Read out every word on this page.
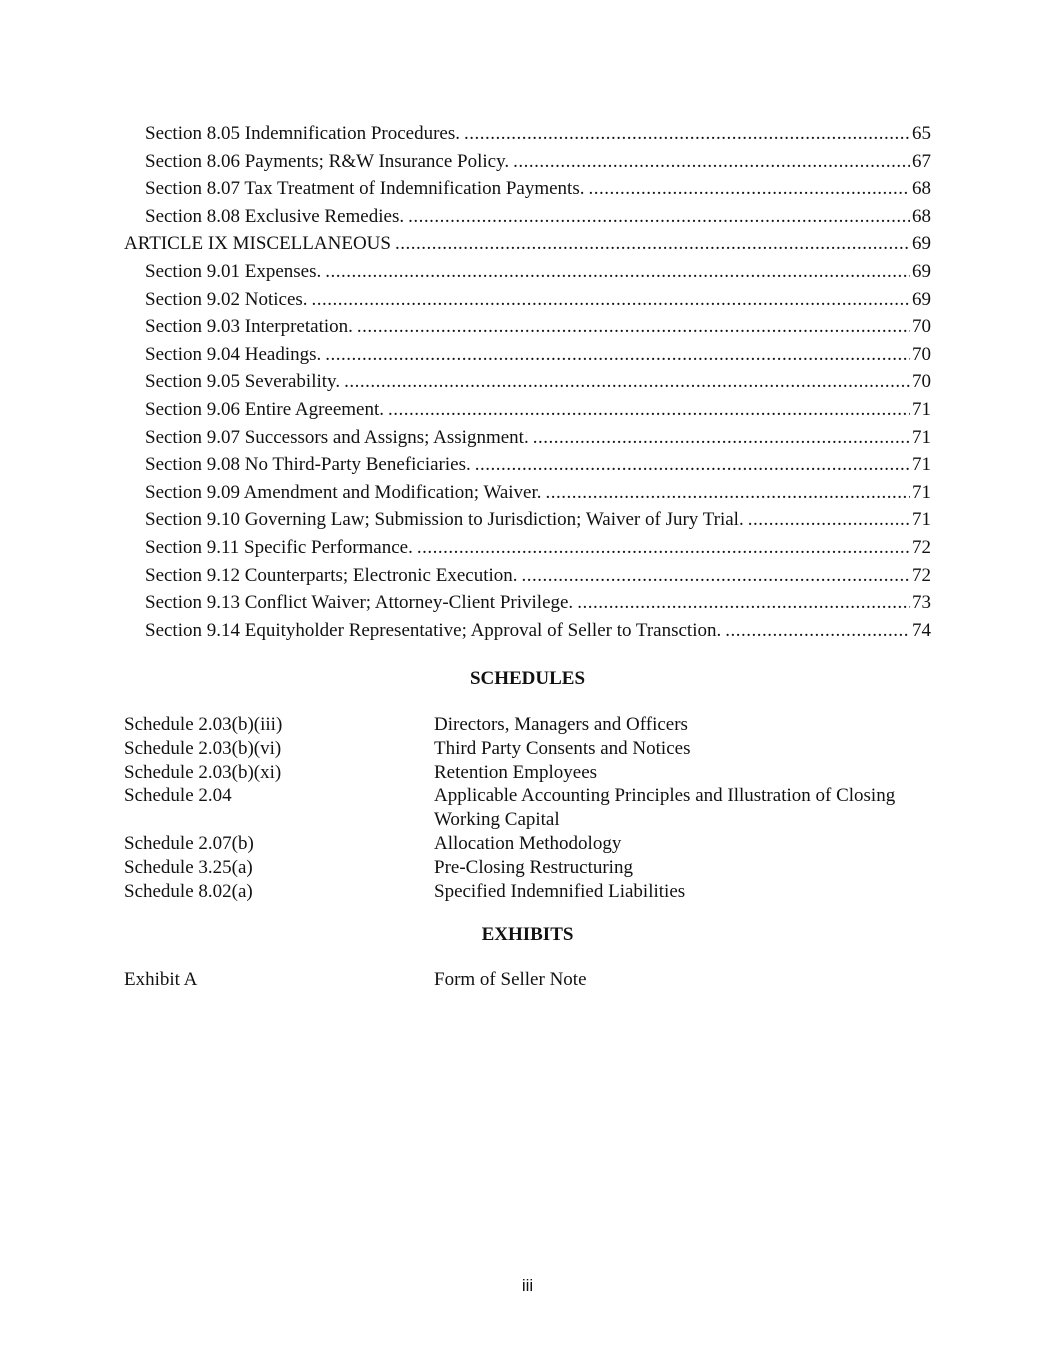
Section 8.05 Indemnification Procedures. .....	65
Section 8.06 Payments; R&W Insurance Policy. .....	67
Section 8.07 Tax Treatment of Indemnification Payments. .....	68
Section 8.08 Exclusive Remedies. .....	68
ARTICLE IX MISCELLANEOUS .....	69
Section 9.01 Expenses. .....	69
Section 9.02 Notices. .....	69
Section 9.03 Interpretation. .....	70
Section 9.04 Headings. .....	70
Section 9.05 Severability. .....	70
Section 9.06 Entire Agreement. .....	71
Section 9.07 Successors and Assigns; Assignment. .....	71
Section 9.08 No Third-Party Beneficiaries. .....	71
Section 9.09 Amendment and Modification; Waiver. .....	71
Section 9.10 Governing Law; Submission to Jurisdiction; Waiver of Jury Trial. .....	71
Section 9.11 Specific Performance. .....	72
Section 9.12 Counterparts; Electronic Execution. .....	72
Section 9.13 Conflict Waiver; Attorney-Client Privilege. .....	73
Section 9.14 Equityholder Representative; Approval of Seller to Transction. .....	74
SCHEDULES
Schedule 2.03(b)(iii)	Directors, Managers and Officers
Schedule 2.03(b)(vi)	Third Party Consents and Notices
Schedule 2.03(b)(xi)	Retention Employees
Schedule 2.04	Applicable Accounting Principles and Illustration of Closing Working Capital
Schedule 2.07(b)	Allocation Methodology
Schedule 3.25(a)	Pre-Closing Restructuring
Schedule 8.02(a)	Specified Indemnified Liabilities
EXHIBITS
Exhibit A	Form of Seller Note
iii
